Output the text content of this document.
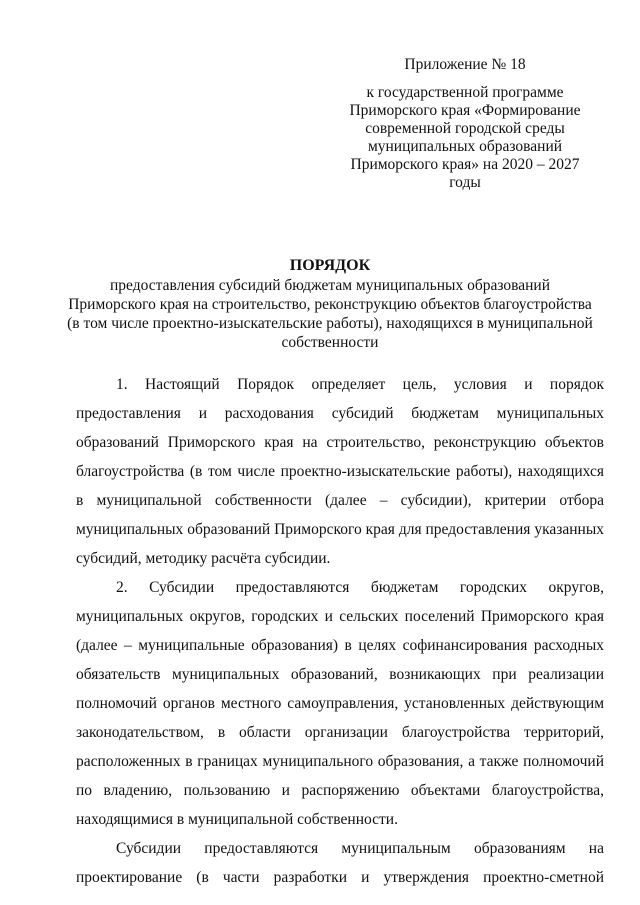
Приложение № 18
к государственной программе
Приморского края «Формирование
современной городской среды
муниципальных образований
Приморского края» на 2020 – 2027
годы
ПОРЯДОК
предоставления субсидий бюджетам муниципальных образований
Приморского края на строительство, реконструкцию объектов благоустройства
(в том числе проектно-изыскательские работы), находящихся в муниципальной
собственности

1. Настоящий Порядок определяет цель, условия и порядок предоставления и расходования субсидий бюджетам муниципальных образований Приморского края на строительство, реконструкцию объектов благоустройства (в том числе проектно-изыскательские работы), находящихся в муниципальной собственности (далее – субсидии), критерии отбора муниципальных образований Приморского края для предоставления указанных субсидий, методику расчёта субсидии.

2. Субсидии предоставляются бюджетам городских округов, муниципальных округов, городских и сельских поселений Приморского края (далее – муниципальные образования) в целях софинансирования расходных обязательств муниципальных образований, возникающих при реализации полномочий органов местного самоуправления, установленных действующим законодательством, в области организации благоустройства территорий, расположенных в границах муниципального образования, а также полномочий по владению, пользованию и распоряжению объектами благоустройства, находящимися в муниципальной собственности.

Субсидии предоставляются муниципальным образованиям на проектирование (в части разработки и утверждения проектно-сметной
